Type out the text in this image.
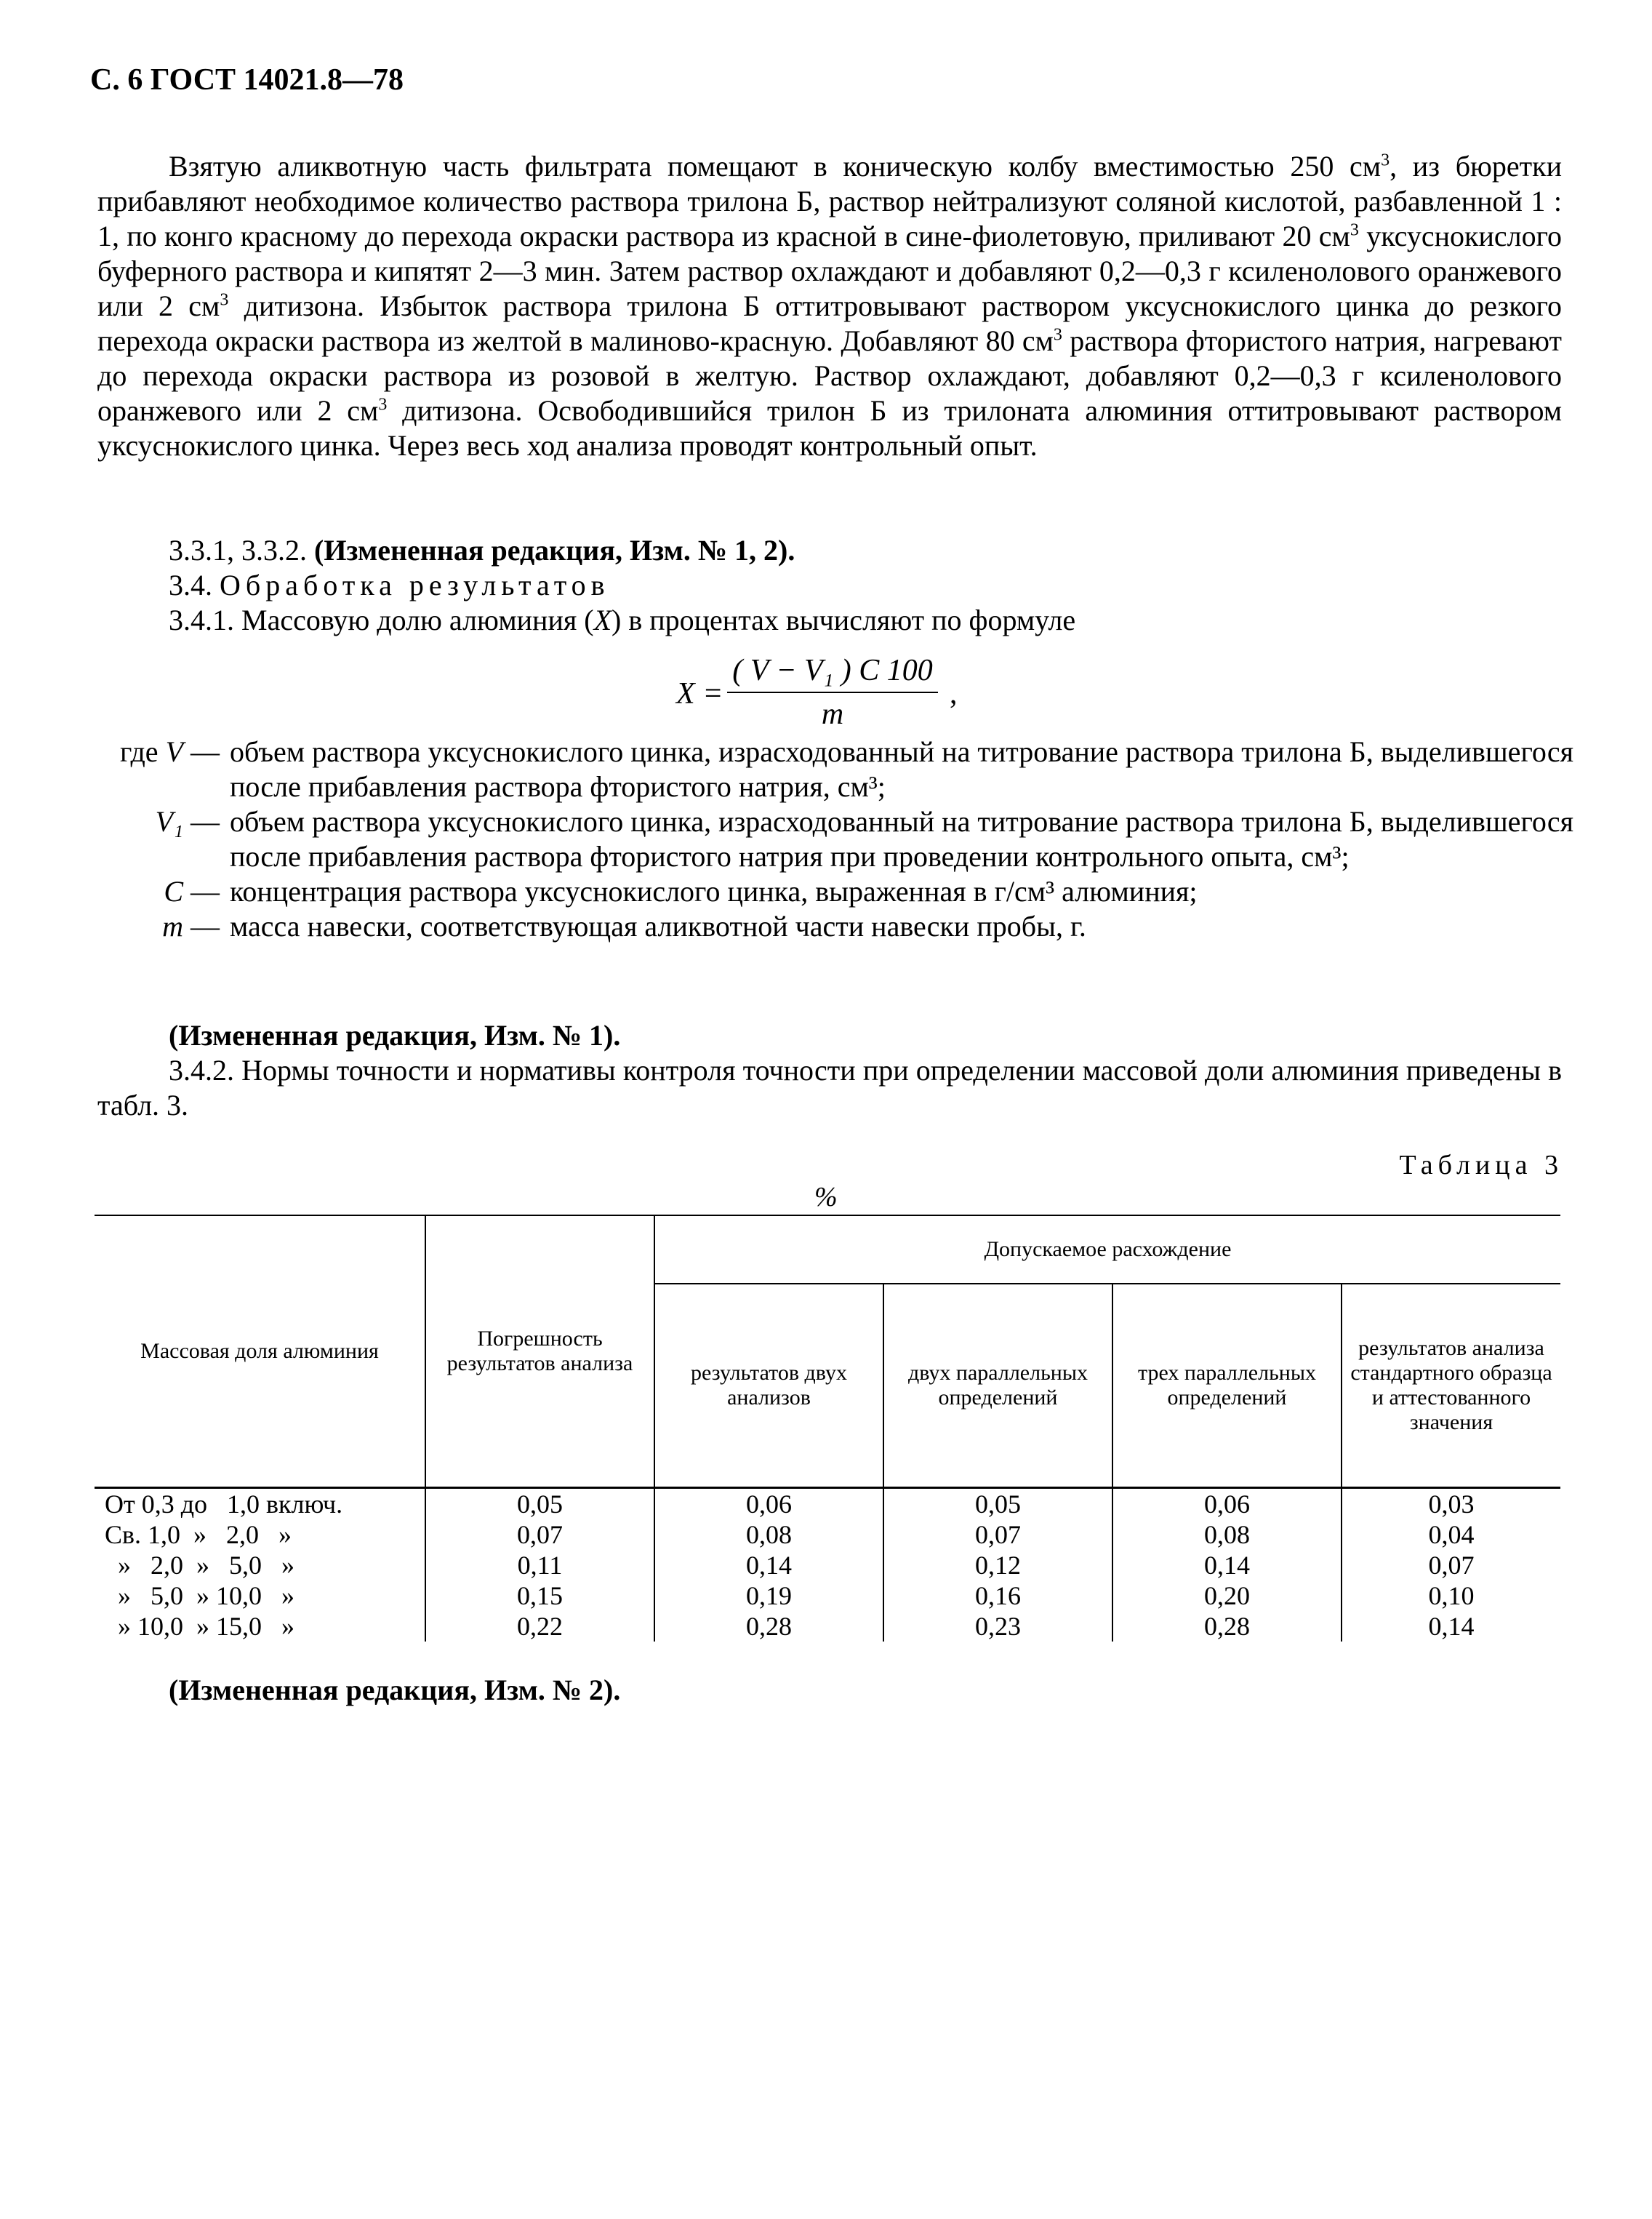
С. 6 ГОСТ 14021.8—78

Взятую аликвотную часть фильтрата помещают в коническую колбу вместимостью 250 $см^3$, из бюретки прибавляют необходимое количество раствора трилона Б, раствор нейтрализуют соляной кислотой, разбавленной 1 : 1, по конго красному до перехода окраски раствора из красной в сине-фиолетовую, приливают 20 $см^3$ уксуснокислого буферного раствора и кипятят 2—3 мин. Затем раствор охлаждают и добавляют 0,2—0,3 г ксиленолового оранжевого или 2 $см^3$ дитизона. Избыток раствора трилона Б оттитровывают раствором уксуснокислого цинка до резкого перехода окраски раствора из желтой в малиново-красную. Добавляют 80 $см^3$ раствора фтористого натрия, нагревают до перехода окраски раствора из розовой в желтую. Раствор охлаждают, добавляют 0,2—0,3 г ксиленолового оранжевого или 2 $см^3$ дитизона. Освободившийся трилон Б из трилоната алюминия оттитровывают раствором уксуснокислого цинка. Через весь ход анализа проводят контрольный опыт.

3.3.1, 3.3.2. (Измененная редакция, Изм. № 1, 2).
3.4. Обработка результатов
3.4.1. Массовую долю алюминия (X) в процентах вычисляют по формуле
X =
( V − V₁ ) C 100
m
,
где V — объем раствора уксуснокислого цинка, израсходованный на титрование раствора трилона Б, выделившегося после прибавления раствора фтористого натрия, см³;
V₁ — объем раствора уксуснокислого цинка, израсходованный на титрование раствора трилона Б, выделившегося после прибавления раствора фтористого натрия при проведении контрольного опыта, см³;
C — концентрация раствора уксуснокислого цинка, выраженная в г/см³ алюминия;
m — масса навески, соответствующая аликвотной части навески пробы, г.
(Измененная редакция, Изм. № 1).

3.4.2. Нормы точности и нормативы контроля точности при определении массовой доли алюминия приведены в табл. 3.

Таблица 3
%
Массовая доля алюминия	Погрешность результатов анализа	Допускаемое расхождение			
		результатов двух анализов	двух параллельных определений	трех параллельных определений	результатов анализа стандартного образца и аттестованного значения
От 0,3 до   1,0 включ.	0,05	0,06	0,05	0,06	0,03
Св. 1,0  »   2,0   »	0,07	0,08	0,07	0,08	0,04
»   2,0  »   5,0   »	0,11	0,14	0,12	0,14	0,07
»   5,0  » 10,0   »	0,15	0,19	0,16	0,20	0,10
» 10,0  » 15,0   »	0,22	0,28	0,23	0,28	0,14
(Измененная редакция, Изм. № 2).
